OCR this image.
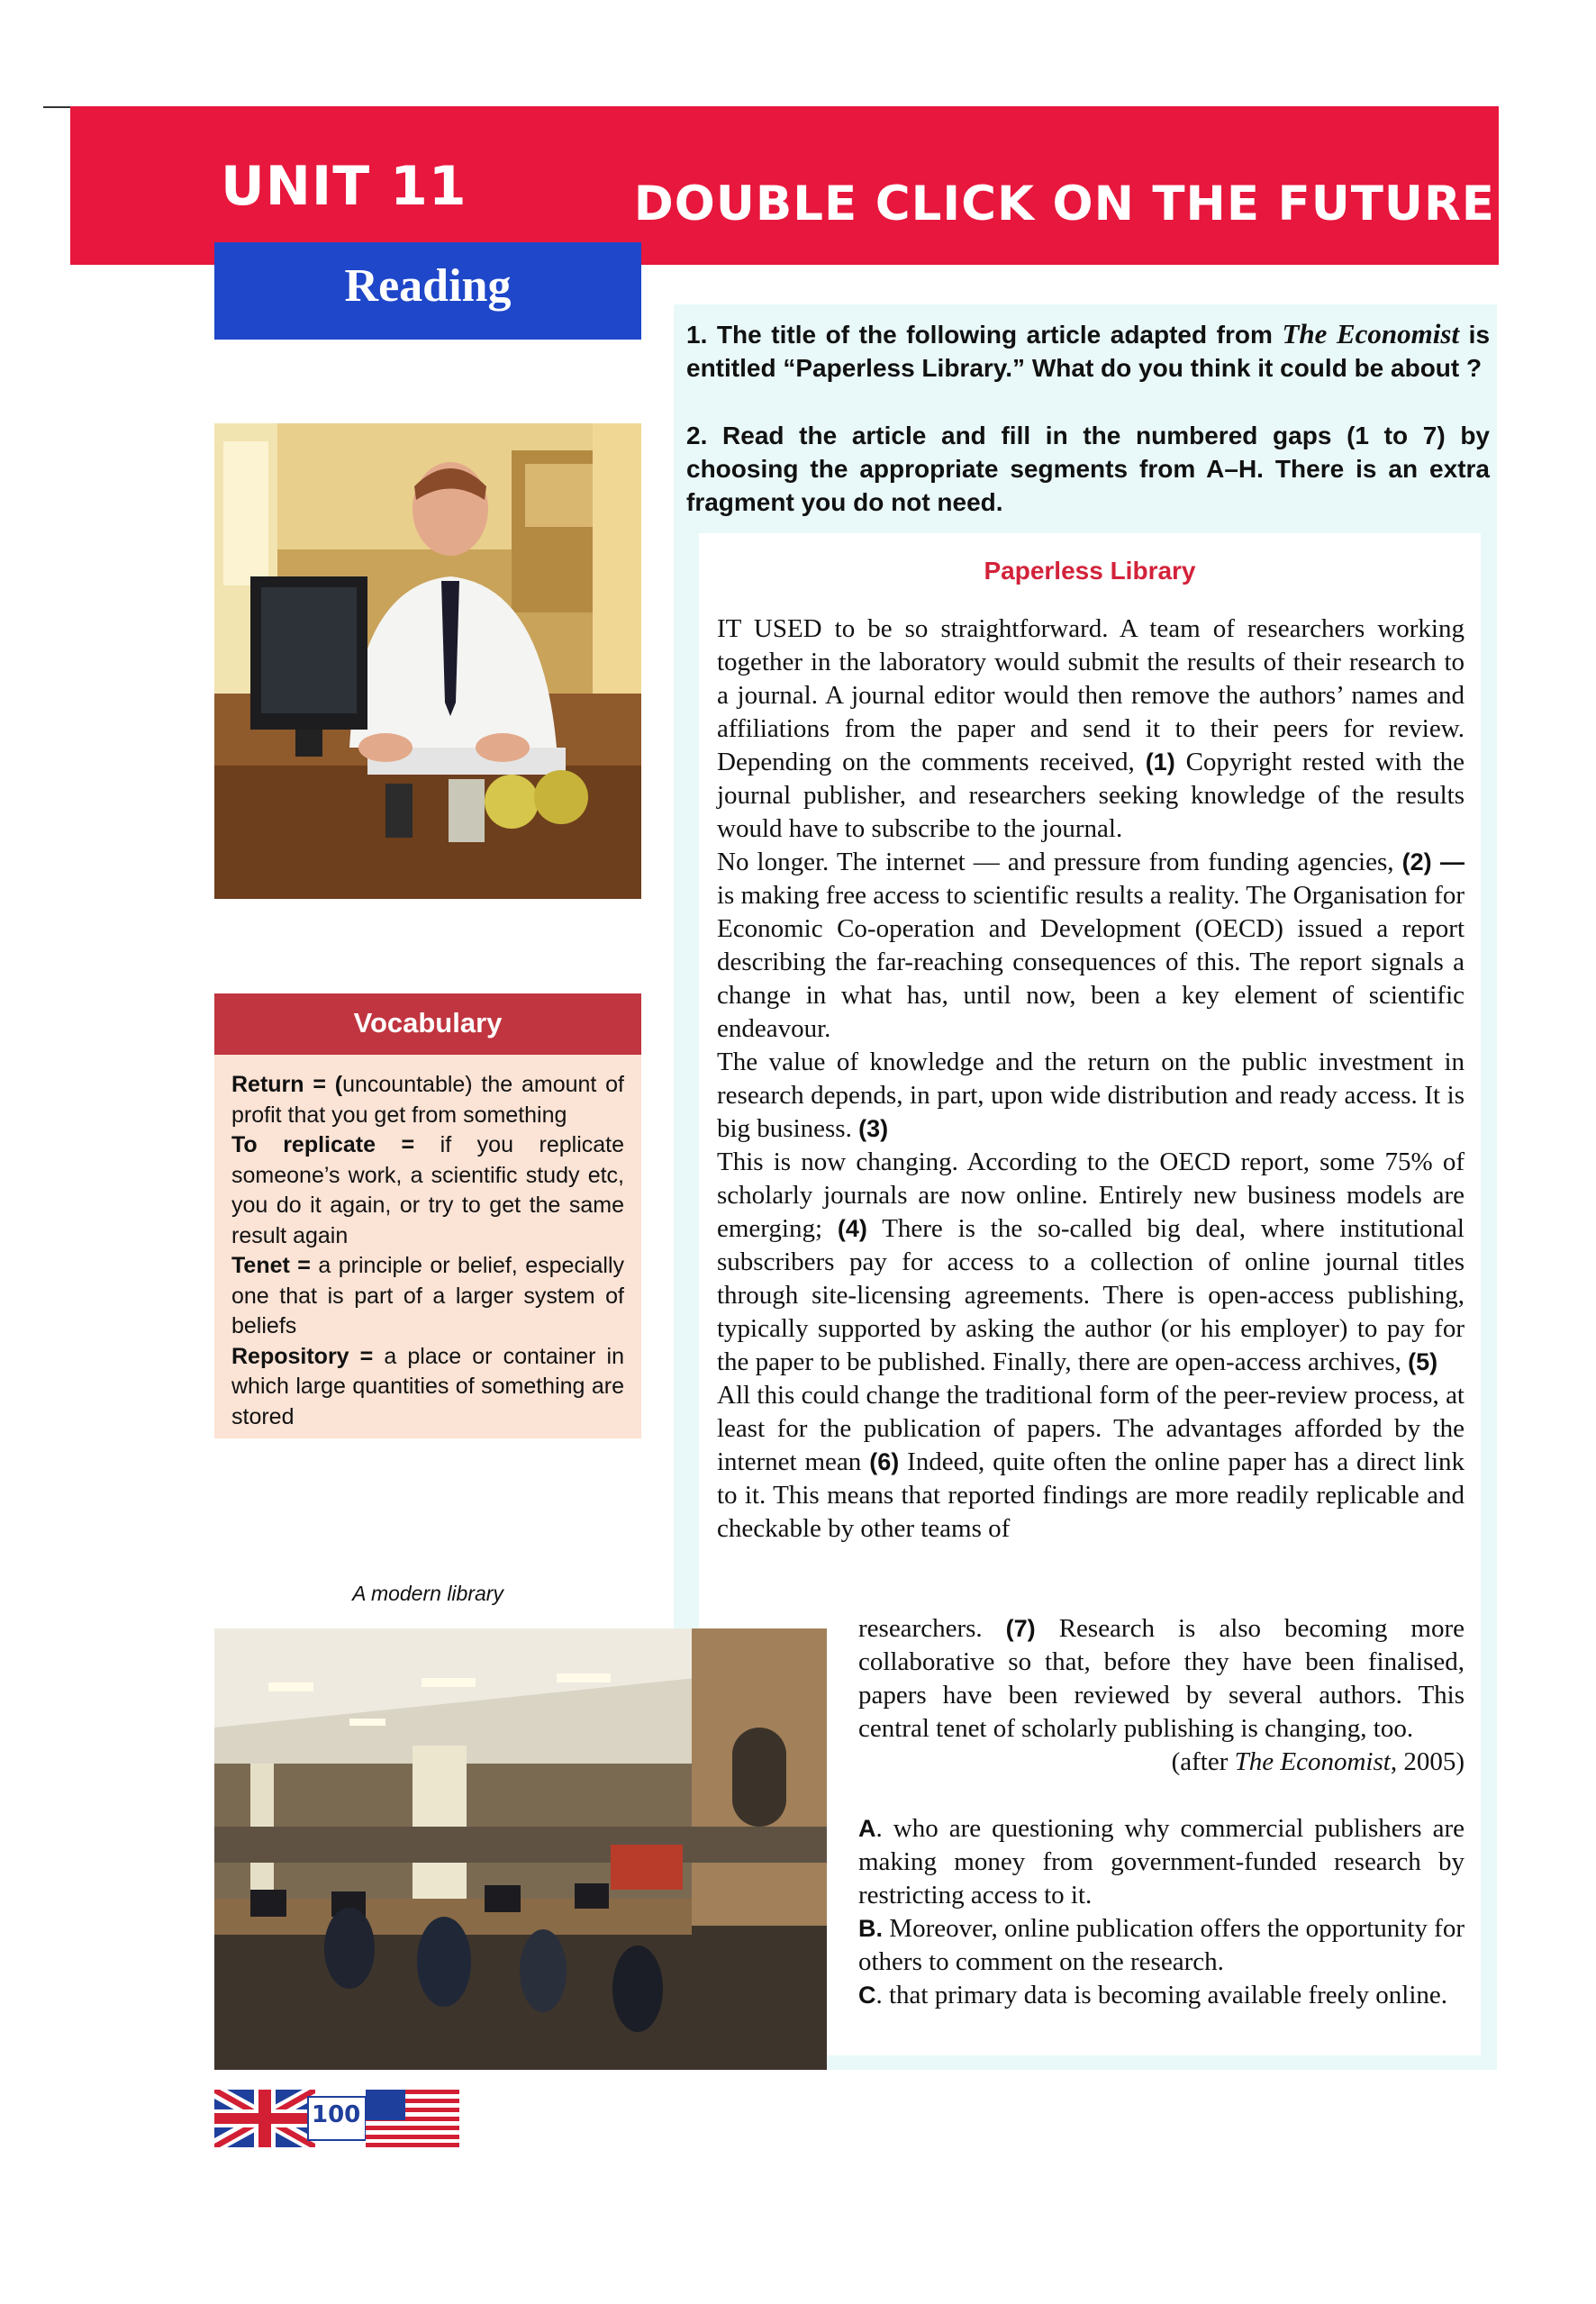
UNIT 11	DOUBLE CLICK ON THE FUTURE
Reading
1. The title of the following article adapted from The Economist is entitled “Paperless Library.” What do you think it could be about ?
2. Read the article and fill in the numbered gaps (1 to 7) by choosing the appropriate segments from A–H. There is an extra fragment you do not need.
Paperless Library

IT USED to be so straightforward. A team of researchers working together in the laboratory would submit the results of their research to a journal. A journal editor would then remove the authors’ names and affiliations from the paper and send it to their peers for review. Depending on the comments received, (1) Copyright rested with the journal publisher, and researchers seeking knowledge of the results would have to subscribe to the journal.

No longer. The internet — and pressure from funding agencies, (2) — is making free access to scientific results a reality. The Organisation for Economic Co-operation and Development (OECD) issued a report describing the far-reaching consequences of this. The report signals a change in what has, until now, been a key element of scientific endeavour.

The value of knowledge and the return on the public investment in research depends, in part, upon wide distribution and ready access. It is big business. (3)

This is now changing. According to the OECD report, some 75% of scholarly journals are now online. Entirely new business models are emerging; (4) There is the so-called big deal, where institutional subscribers pay for access to a collection of online journal titles through site-licensing agreements. There is open-access publishing, typically supported by asking the author (or his employer) to pay for the paper to be published. Finally, there are open-access archives, (5)

All this could change the traditional form of the peer-review process, at least for the publication of papers. The advantages afforded by the internet mean (6) Indeed, quite often the online paper has a direct link to it. This means that reported findings are more readily replicable and checkable by other teams of

researchers. (7) Research is also becoming more collaborative so that, before they have been finalised, papers have been reviewed by several authors. This central tenet of scholarly publishing is changing, too.

(after The Economist, 2005)

A. who are questioning why commercial publishers are making money from government-funded research by restricting access to it.

B. Moreover, online publication offers the opportunity for others to comment on the research.

C. that primary data is becoming available freely online.

Vocabulary

Return = (uncountable) the amount of profit that you get from something

To replicate = if you replicate someone’s work, a scientific study etc, you do it again, or try to get the same result again

Tenet = a principle or belief, especially one that is part of a larger system of beliefs

Repository = a place or container in which large quantities of something are stored

A modern library
100
